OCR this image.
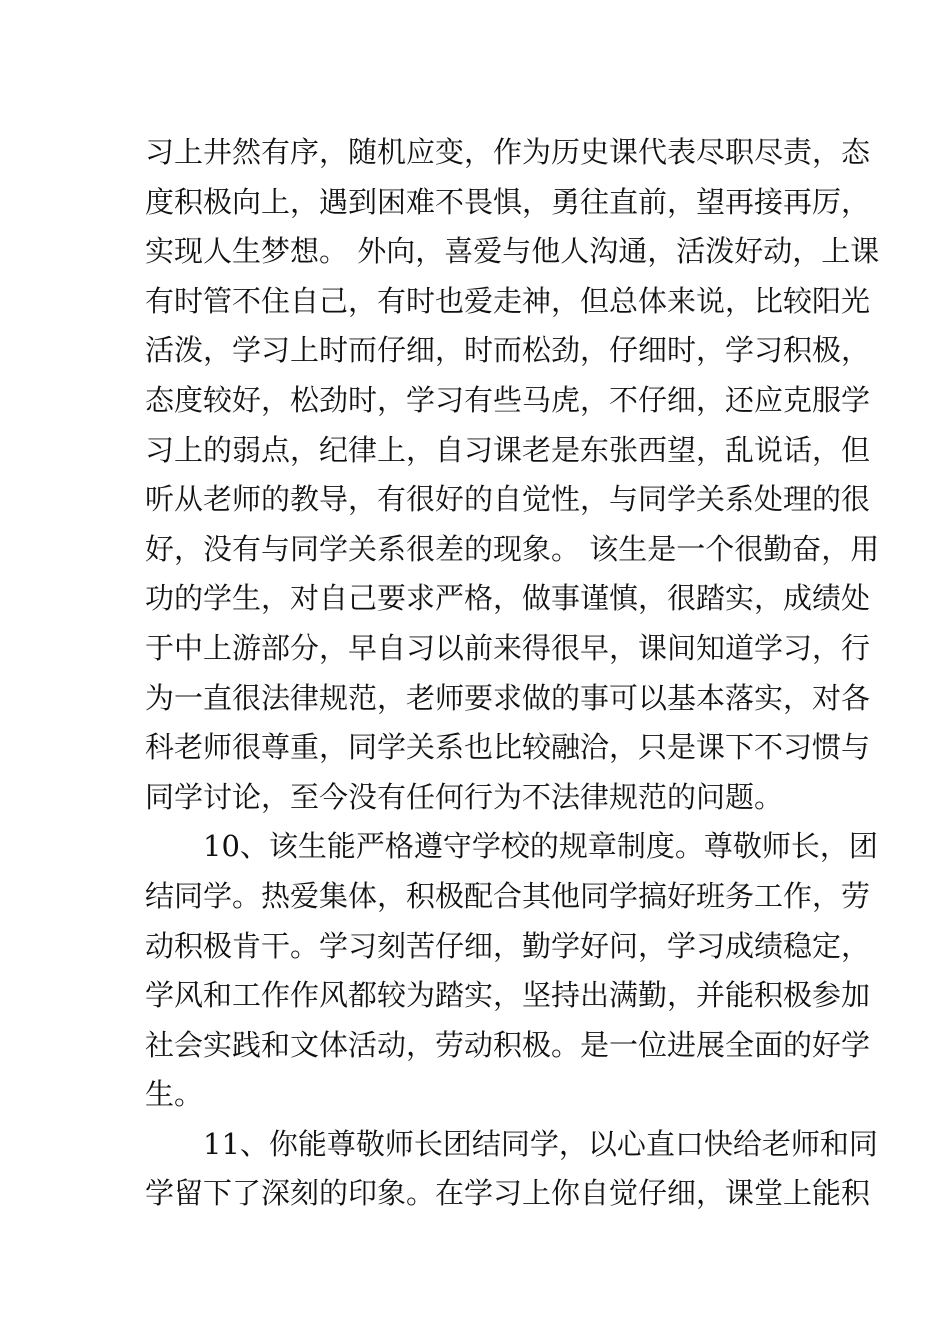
习上井然有序，随机应变，作为历史课代表尽职尽责，态
度积极向上，遇到困难不畏惧，勇往直前，望再接再厉，
实现人生梦想。 外向，喜爱与他人沟通，活泼好动，上课
有时管不住自己，有时也爱走神，但总体来说，比较阳光
活泼，学习上时而仔细，时而松劲，仔细时，学习积极，
态度较好，松劲时，学习有些马虎，不仔细，还应克服学
习上的弱点，纪律上，自习课老是东张西望，乱说话，但
听从老师的教导，有很好的自觉性，与同学关系处理的很
好，没有与同学关系很差的现象。 该生是一个很勤奋，用
功的学生，对自己要求严格，做事谨慎，很踏实，成绩处
于中上游部分，早自习以前来得很早，课间知道学习，行
为一直很法律规范，老师要求做的事可以基本落实，对各
科老师很尊重，同学关系也比较融洽，只是课下不习惯与
同学讨论，至今没有任何行为不法律规范的问题。
10、该生能严格遵守学校的规章制度。尊敬师长，团
结同学。热爱集体，积极配合其他同学搞好班务工作，劳
动积极肯干。学习刻苦仔细，勤学好问，学习成绩稳定，
学风和工作作风都较为踏实，坚持出满勤，并能积极参加
社会实践和文体活动，劳动积极。是一位进展全面的好学
生。
11、你能尊敬师长团结同学，以心直口快给老师和同
学留下了深刻的印象。在学习上你自觉仔细，课堂上能积
